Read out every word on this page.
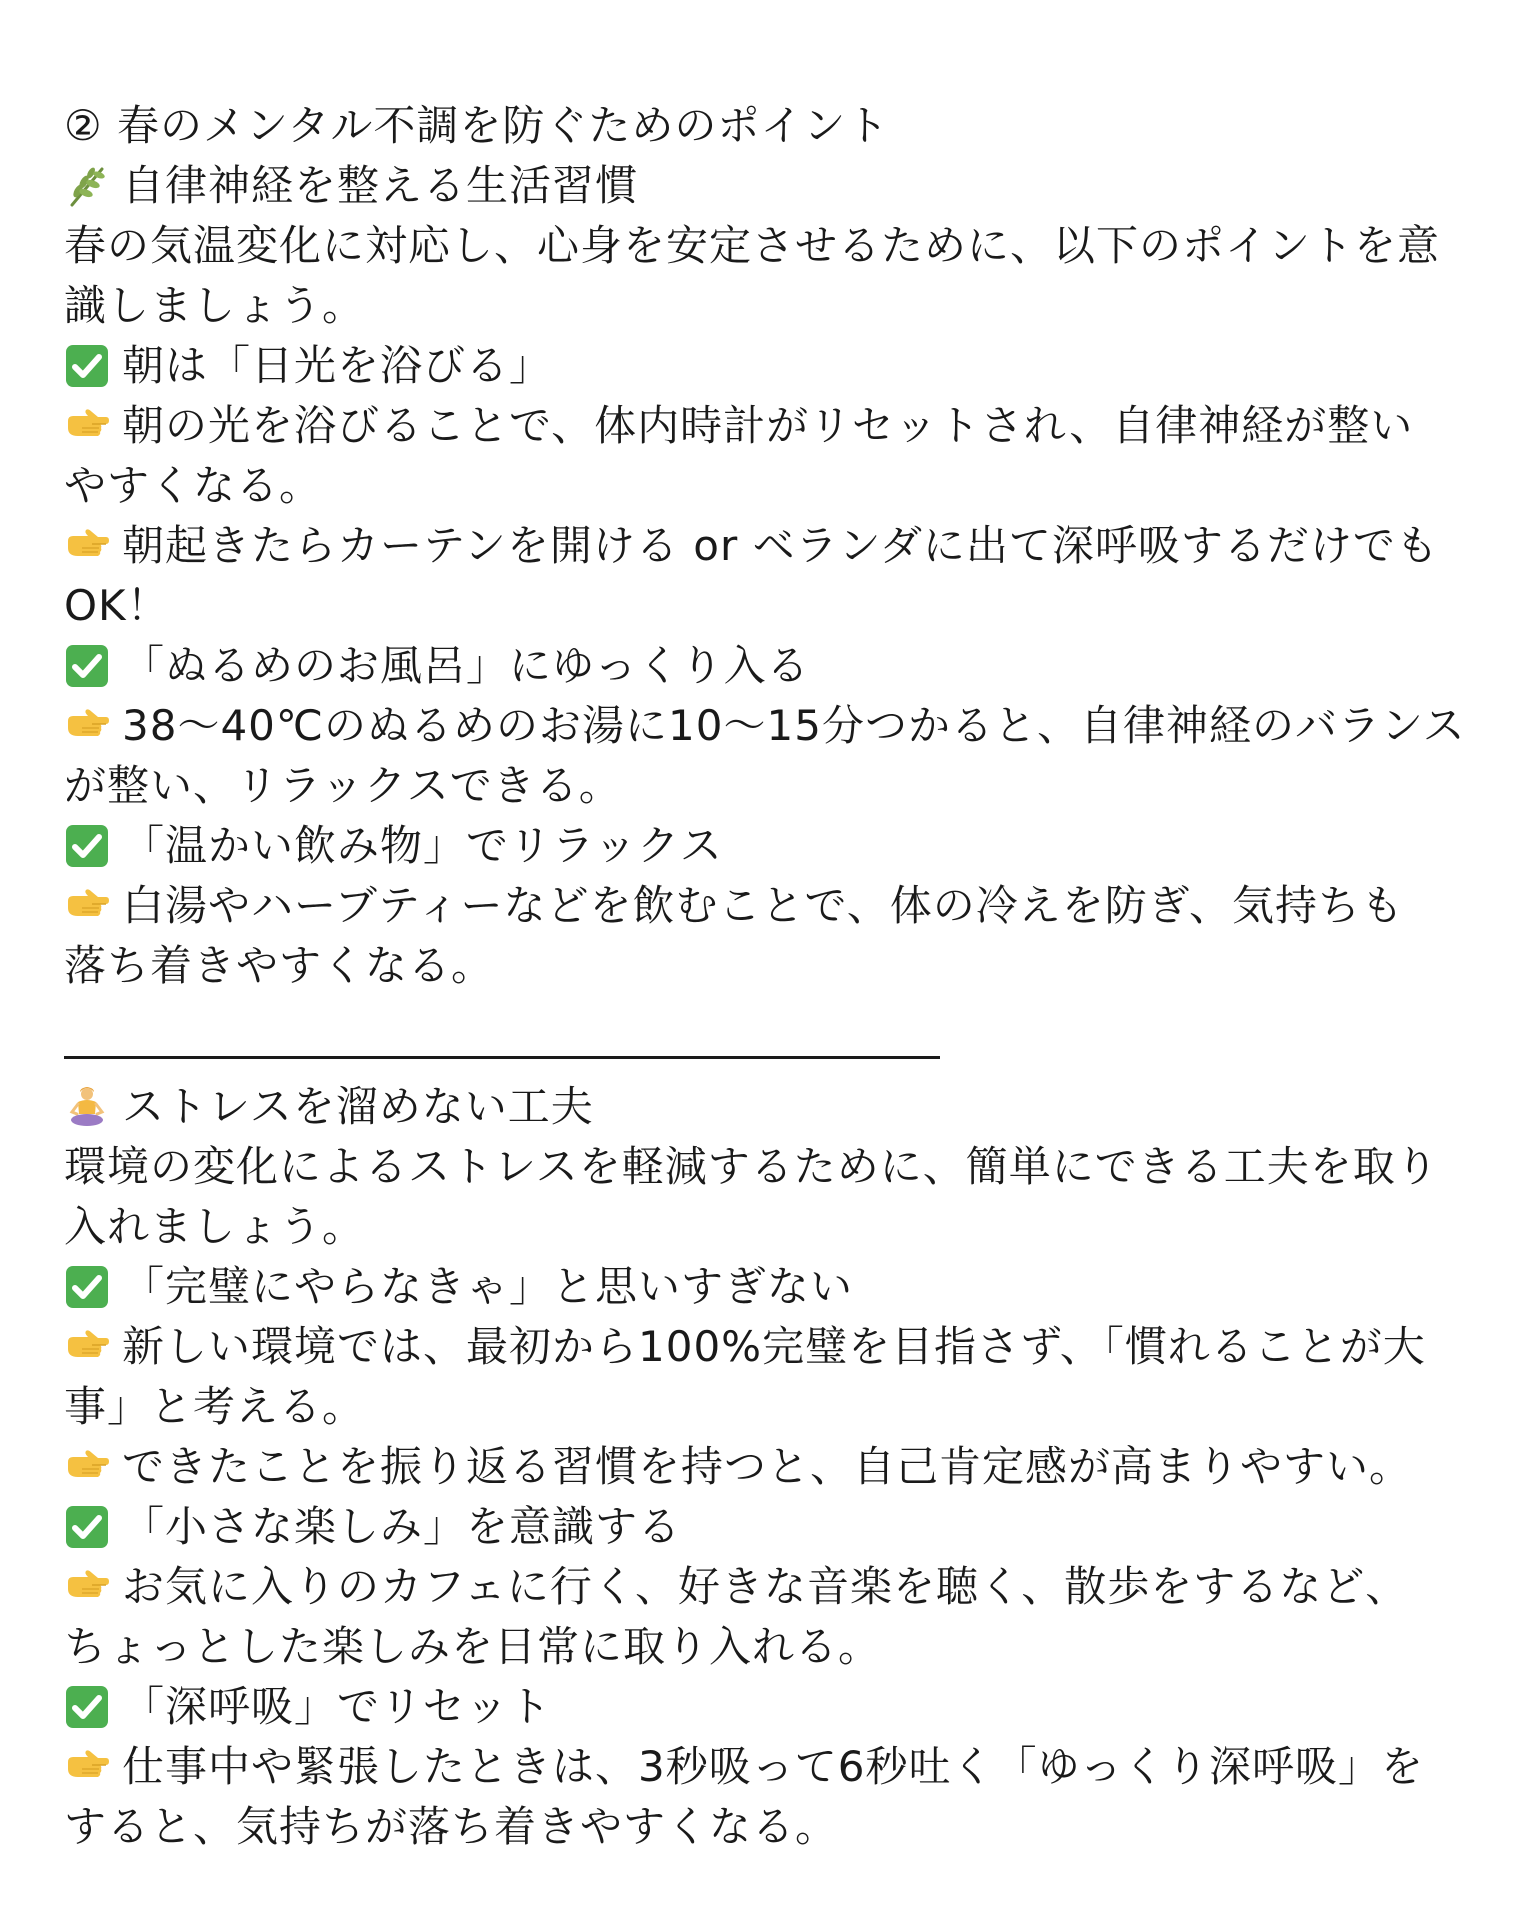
② 春のメンタル不調を防ぐためのポイント
自律神経を整える生活習慣
春の気温変化に対応し、心身を安定させるために、以下のポイントを意
識しましょう。
朝は「日光を浴びる」
朝の光を浴びることで、体内時計がリセットされ、自律神経が整い
やすくなる。
朝起きたらカーテンを開ける or ベランダに出て深呼吸するだけでも
OK！
「ぬるめのお風呂」にゆっくり入る
38〜40℃のぬるめのお湯に10〜15分つかると、自律神経のバランス
が整い、リラックスできる。
「温かい飲み物」でリラックス
白湯やハーブティーなどを飲むことで、体の冷えを防ぎ、気持ちも
落ち着きやすくなる。
ストレスを溜めない工夫
環境の変化によるストレスを軽減するために、簡単にできる工夫を取り
入れましょう。
「完璧にやらなきゃ」と思いすぎない
新しい環境では、最初から100%完璧を目指さず、「慣れることが大
事」と考える。
できたことを振り返る習慣を持つと、自己肯定感が高まりやすい。
「小さな楽しみ」を意識する
お気に入りのカフェに行く、好きな音楽を聴く、散歩をするなど、
ちょっとした楽しみを日常に取り入れる。
「深呼吸」でリセット
仕事中や緊張したときは、3秒吸って6秒吐く「ゆっくり深呼吸」を
すると、気持ちが落ち着きやすくなる。
